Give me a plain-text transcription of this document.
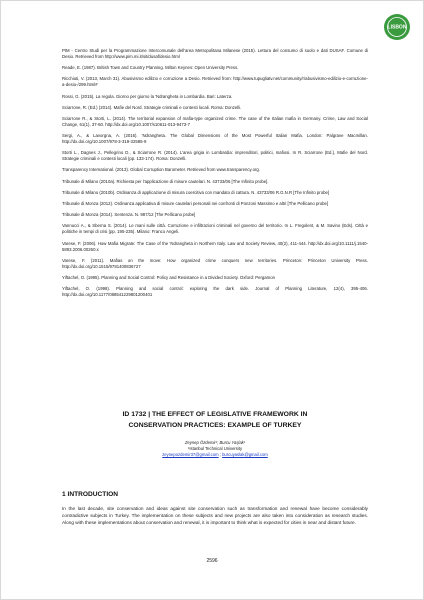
LISBON
PIM - Centro Studi per la Programmazione Intercomunale dell'area Metropolitana Milanese (2015). Lettura del consumo di suolo e dati DUSAF. Comune di Desio. Retrieved from http://www.pim.mi.it/sit/dusaf/desio.html
Reade, E. (1987). British Town and Country Planning. Milton Keynes: Open University Press.
Ricchiuti, V. (2013, March 31). Abusivismo edilizio e corruzione a Desio. Retrieved from: http://www.tupugliatv.net/community/r/abusivismo-edilizio-e-corruzione-a-desio-/299.html#
Rossi, G. (2015). La regola. Giorno per giorno la 'Ndrangheta in Lombardia. Bari: Laterza.
Sciarrone, R. (Ed.) (2014). Mafie del Nord. Strategie criminali e contesti locali. Roma: Donzelli.
Sciarrone R., & Storti, L. (2014). The territorial expansion of mafia-type organized crime. The case of the Italian mafia in Germany. Crime, Law and Social Change, 61(1), 37-60. http://dx.doi.org/10.1007/s10611-013-9473-7
Sergi, A., & Lavorgna, A. (2016). 'Ndrangheta. The Global Dimensions of the Most Powerful Italian Mafia. London: Palgrave Macmillan. http://dx.doi.org/10.1007/978-3-319-32585-9
Storti L., Dagnes J., Pellegrino D., & Sciarrone R. (2014). L'area grigia in Lombardia: imprenditori, politici, mafiosi. In R. Sciarrone (Ed.), Mafie del Nord. Strategie criminali e contesti locali (pp. 133-174). Roma: Donzelli.
Transparency International. (2013). Global Corruption Barometer. Retrieved from www.transparency.org.
Tribunale di Milano (2010a). Richiesta per l'applicazione di misure cautelari. N. 43733/06 [The Infinito probe].
Tribunale di Milano (2010b). Ordinanza di applicazione di misura coercitiva con mandato di cattura. N. 43733/06 R.G.N.R [The Infinito probe]
Tribunale di Monza (2012). Ordinanza applicativa di misure cautelari personali nei confronti di Ponzoni Massimo e altri [The Pellicano probe]
Tribunale di Monza (2014). Sentenza. N. 987/12 [The Pellicano probe]
Vannucci A., & Sberna S. (2014). Le mani sulle città. Corruzione e infiltrazioni criminali nel governo del territorio. In L. Fregolent, & M. Savino (Eds). Città e politiche in tempi di crisi (pp. 195-235). Milano: Franco Angeli.
Varese, F. (2006). How Mafia Migrate: The Case of the 'Ndrangheta in Northern Italy. Law and Society Review, 40(2), 411-444. http://dx.doi.org/10.1111/j.1540-5893.2006.00260.x
Varese, F. (2011). Mafias on the move: How organized crime conquers new territories. Princeton: Princeton University Press. http://dx.doi.org/10.1515/9781400836727
Yiftachel, O. (1995). Planning and Social Control: Policy and Resistance in a Divided Society. Oxford: Pergamon
Yiftachel, O. (1998). Planning and social control: exploring the dark side. Journal of Planning Literature, 12(4), 395-406. http://dx.doi.org/10.1177/088541229801200401
ID 1732 | THE EFFECT OF LEGISLATIVE FRAMEWORK IN
CONSERVATION PRACTICES: EXAMPLE OF TURKEY
Zeynep Özdemir¹; Burcu Yaşlak¹
¹Istanbul Technical University
zeynepozdemir37@gmail.com ; burcuyaslak@gmail.com
1 INTRODUCTION
In the last decade, site conservation and ideas against site conservation such as transformation and renewal have become considerably contradictive subjects in Turkey. The implementation on these subjects and new projects are also taken into consideration as research studies. Along with these implementations about conservation and renewal, it is important to think what is expected for cities in near and distant future.
2596
